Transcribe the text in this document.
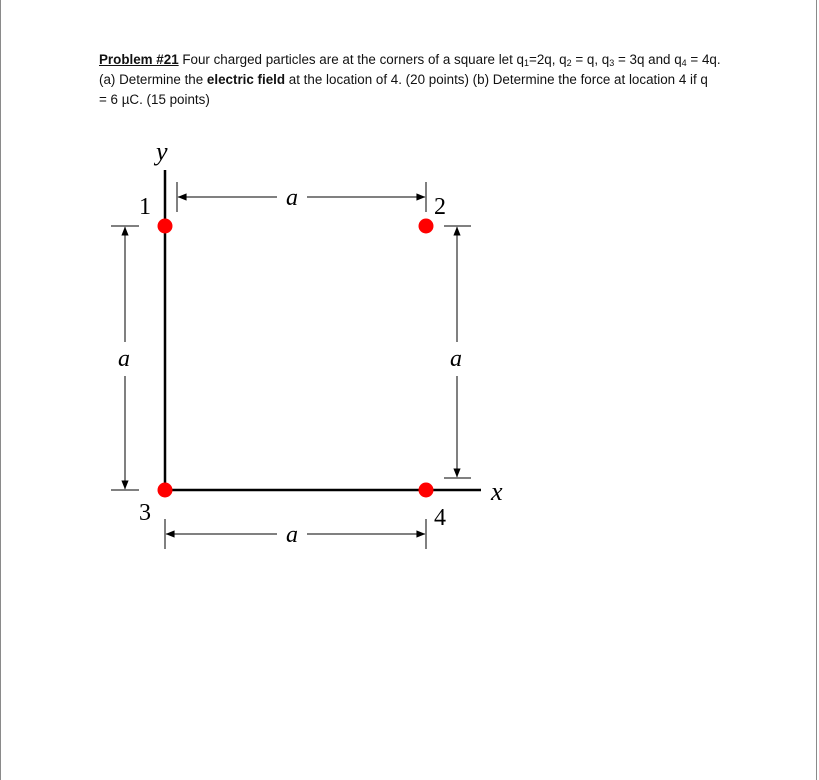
Problem #21 Four charged particles are at the corners of a square let $q_1=2q$, $q_2 = q$, $q_3 = 3q$ and $q_4 = 4q$.
(a) Determine the electric field at the location of 4. (20 points) (b) Determine the force at location 4 if q
= 6 µC. (15 points)
y
x
a
a
a	a
1	2
3	4
